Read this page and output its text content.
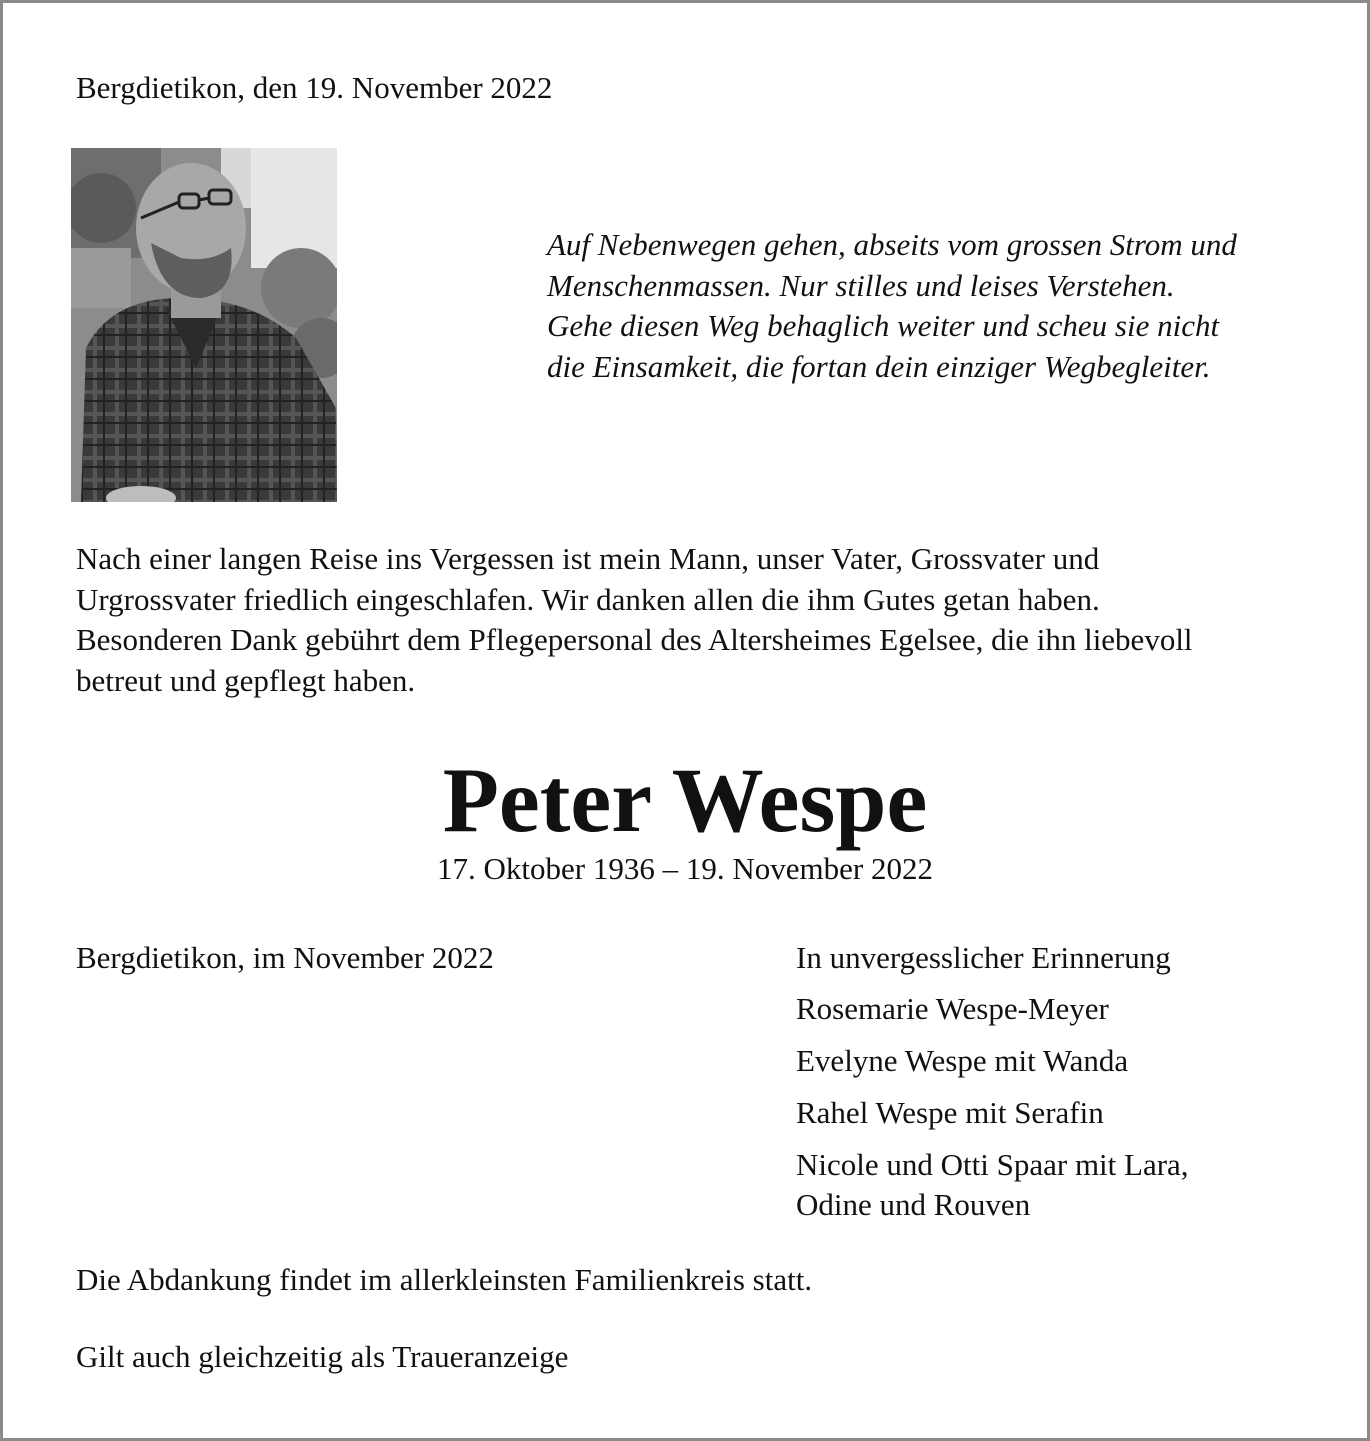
Bergdietikon, den 19. November 2022
Auf Nebenwegen gehen, abseits vom grossen Strom und
Menschenmassen. Nur stilles und leises Verstehen.
Gehe diesen Weg behaglich weiter und scheu sie nicht
die Einsamkeit, die fortan dein einziger Wegbegleiter.
Nach einer langen Reise ins Vergessen ist mein Mann, unser Vater, Grossvater und
Urgrossvater friedlich eingeschlafen. Wir danken allen die ihm Gutes getan haben.
Besonderen Dank gebührt dem Pflegepersonal des Altersheimes Egelsee, die ihn liebevoll
betreut und gepflegt haben.
Peter Wespe
17. Oktober 1936 – 19. November 2022
Bergdietikon, im November 2022	In unvergesslicher Erinnerung
Rosemarie Wespe-Meyer
Evelyne Wespe mit Wanda
Rahel Wespe mit Serafin
Nicole und Otti Spaar mit Lara,
Odine und Rouven
Die Abdankung findet im allerkleinsten Familienkreis statt.
Gilt auch gleichzeitig als Traueranzeige
